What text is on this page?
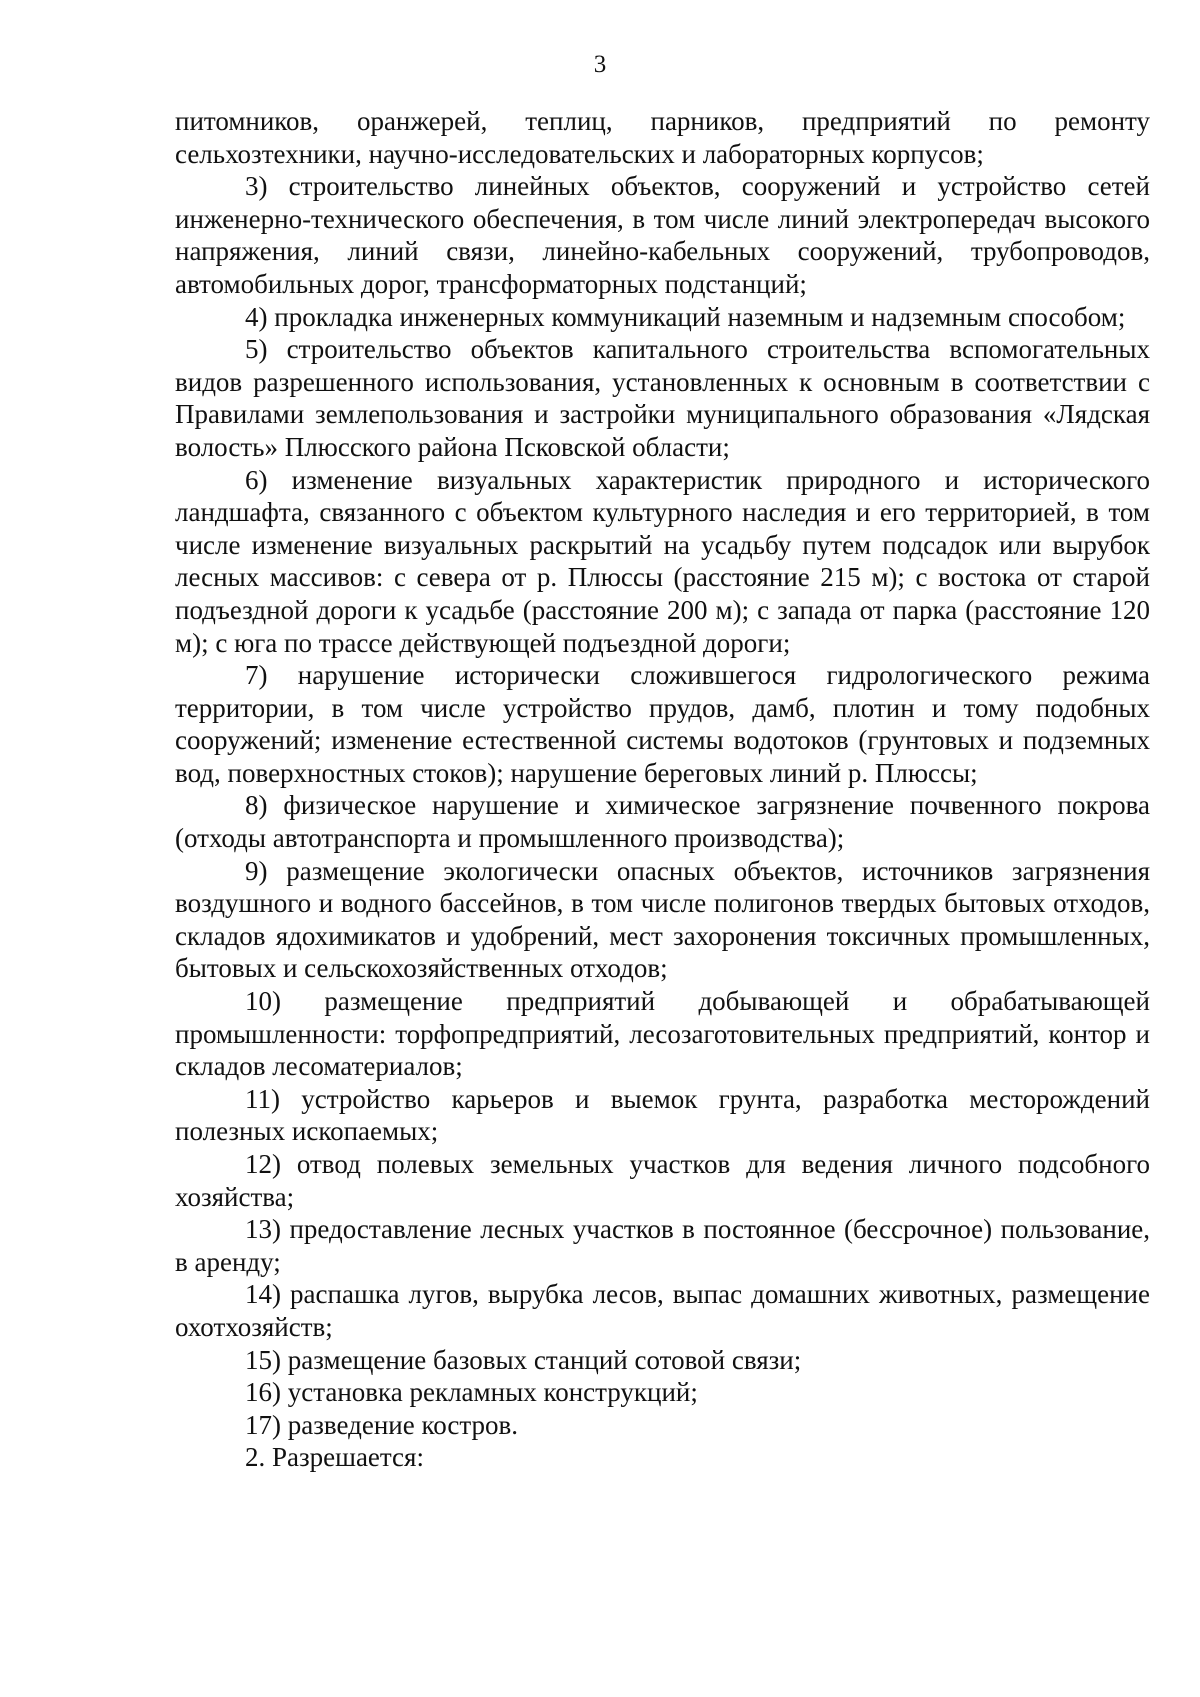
3

питомников, оранжерей, теплиц, парников, предприятий по ремонту сельхозтехники, научно-исследовательских и лабораторных корпусов;

3) строительство линейных объектов, сооружений и устройство сетей инженерно-технического обеспечения, в том числе линий электропередач высокого напряжения, линий связи, линейно-кабельных сооружений, трубопроводов, автомобильных дорог, трансформаторных подстанций;

4) прокладка инженерных коммуникаций наземным и надземным способом;

5) строительство объектов капитального строительства вспомогательных видов разрешенного использования, установленных к основным в соответствии с Правилами землепользования и застройки муниципального образования «Лядская волость» Плюсского района Псковской области;

6) изменение визуальных характеристик природного и исторического ландшафта, связанного с объектом культурного наследия и его территорией, в том числе изменение визуальных раскрытий на усадьбу путем подсадок или вырубок лесных массивов: с севера от р. Плюссы (расстояние 215 м); с востока от старой подъездной дороги к усадьбе (расстояние 200 м); с запада от парка (расстояние 120 м); с юга по трассе действующей подъездной дороги;

7) нарушение исторически сложившегося гидрологического режима территории, в том числе устройство прудов, дамб, плотин и тому подобных сооружений; изменение естественной системы водотоков (грунтовых и подземных вод, поверхностных стоков); нарушение береговых линий р. Плюссы;

8) физическое нарушение и химическое загрязнение почвенного покрова (отходы автотранспорта и промышленного производства);

9) размещение экологически опасных объектов, источников загрязнения воздушного и водного бассейнов, в том числе полигонов твердых бытовых отходов, складов ядохимикатов и удобрений, мест захоронения токсичных промышленных, бытовых и сельскохозяйственных отходов;

10) размещение предприятий добывающей и обрабатывающей промышленности: торфопредприятий, лесозаготовительных предприятий, контор и складов лесоматериалов;

11) устройство карьеров и выемок грунта, разработка месторождений полезных ископаемых;

12) отвод полевых земельных участков для ведения личного подсобного хозяйства;

13) предоставление лесных участков в постоянное (бессрочное) пользование, в аренду;

14) распашка лугов, вырубка лесов, выпас домашних животных, размещение охотхозяйств;

15) размещение базовых станций сотовой связи;

16) установка рекламных конструкций;

17) разведение костров.

2. Разрешается:
